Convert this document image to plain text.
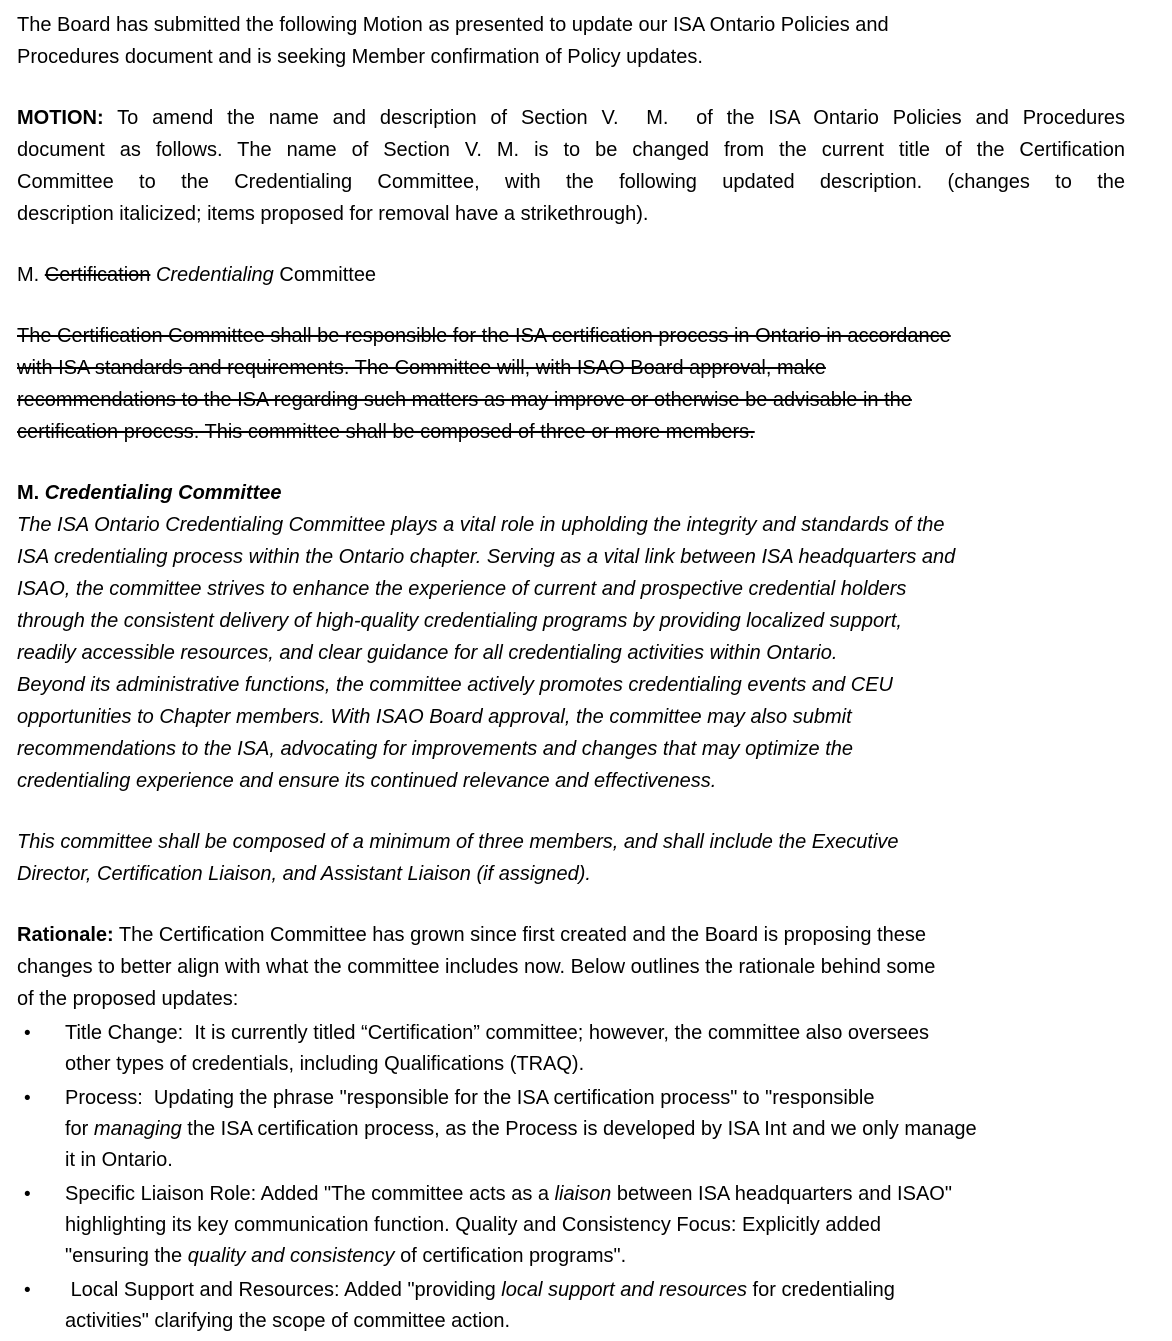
The Board has submitted the following Motion as presented to update our ISA Ontario Policies and
Procedures document and is seeking Member confirmation of Policy updates.
MOTION: To amend the name and description of Section V.  M.  of the ISA Ontario Policies and Procedures
document as follows. The name of Section V. M. is to be changed from the current title of the Certification
Committee to the Credentialing Committee, with the following updated description. (changes to the
description italicized; items proposed for removal have a strikethrough).
M. Certification Credentialing Committee
The Certification Committee shall be responsible for the ISA certification process in Ontario in accordance
with ISA standards and requirements. The Committee will, with ISAO Board approval, make
recommendations to the ISA regarding such matters as may improve or otherwise be advisable in the
certification process. This committee shall be composed of three or more members.
M. Credentialing Committee
The ISA Ontario Credentialing Committee plays a vital role in upholding the integrity and standards of the
ISA credentialing process within the Ontario chapter. Serving as a vital link between ISA headquarters and
ISAO, the committee strives to enhance the experience of current and prospective credential holders
through the consistent delivery of high-quality credentialing programs by providing localized support,
readily accessible resources, and clear guidance for all credentialing activities within Ontario.
Beyond its administrative functions, the committee actively promotes credentialing events and CEU
opportunities to Chapter members. With ISAO Board approval, the committee may also submit
recommendations to the ISA, advocating for improvements and changes that may optimize the
credentialing experience and ensure its continued relevance and effectiveness.
This committee shall be composed of a minimum of three members, and shall include the Executive
Director, Certification Liaison, and Assistant Liaison (if assigned).
Rationale: The Certification Committee has grown since first created and the Board is proposing these
changes to better align with what the committee includes now. Below outlines the rationale behind some
of the proposed updates:
•	Title Change:  It is currently titled “Certification” committee; however, the committee also oversees
other types of credentials, including Qualifications (TRAQ).
•	Process:  Updating the phrase "responsible for the ISA certification process" to "responsible
for managing the ISA certification process, as the Process is developed by ISA Int and we only manage
it in Ontario.
•	Specific Liaison Role: Added "The committee acts as a liaison between ISA headquarters and ISAO"
highlighting its key communication function. Quality and Consistency Focus: Explicitly added
"ensuring the quality and consistency of certification programs".
•	Local Support and Resources: Added "providing local support and resources for credentialing
activities" clarifying the scope of committee action.
